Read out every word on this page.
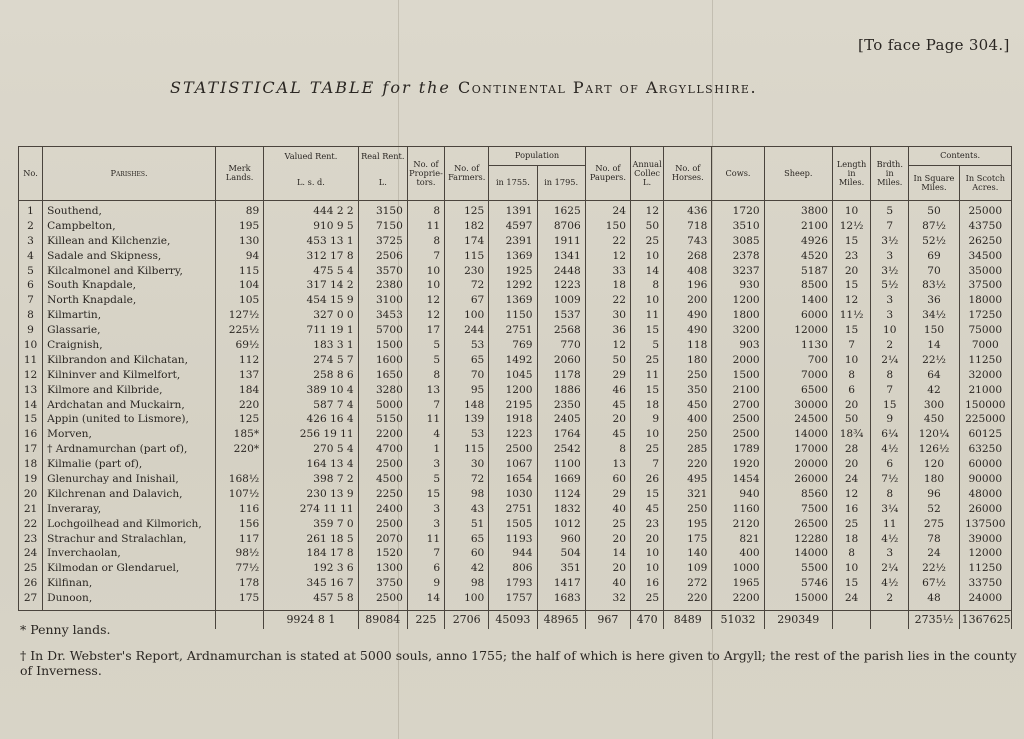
[To face Page 304.]
STATISTICAL TABLE for the Continental Part of Argyllshire.
No.	Parishes.	Merk Lands.	Valued Rent.	Real Rent.	No. of Proprie-tors.	No. of Farmers.	Population		No. of Paupers.	Annual Collec L.	No. of Horses.	Cows.	Sheep.	Length in Miles.	Brdth. in Miles.	Contents.	
			L. s. d.	L.			in 1755.	in 1795.								In Square Miles.	In Scotch Acres.
1	Southend,	89	444 2 2	3150	8	125	1391	1625	24	12	436	1720	3800	10	5	50	25000
2	Campbelton,	195	910 9 5	7150	11	182	4597	8706	150	50	718	3510	2100	12½	7	87½	43750
3	Killean and Kilchenzie,	130	453 13 1	3725	8	174	2391	1911	22	25	743	3085	4926	15	3½	52½	26250
4	Sadale and Skipness,	94	312 17 8	2506	7	115	1369	1341	12	10	268	2378	4520	23	3	69	34500
5	Kilcalmonel and Kilberry,	115	475 5 4	3570	10	230	1925	2448	33	14	408	3237	5187	20	3½	70	35000
6	South Knapdale,	104	317 14 2	2380	10	72	1292	1223	18	8	196	930	8500	15	5½	83½	37500
7	North Knapdale,	105	454 15 9	3100	12	67	1369	1009	22	10	200	1200	1400	12	3	36	18000
8	Kilmartin,	127½	327 0 0	3453	12	100	1150	1537	30	11	490	1800	6000	11½	3	34½	17250
9	Glassarie,	225½	711 19 1	5700	17	244	2751	2568	36	15	490	3200	12000	15	10	150	75000
10	Craignish,	69½	183 3 1	1500	5	53	769	770	12	5	118	903	1130	7	2	14	7000
11	Kilbrandon and Kilchatan,	112	274 5 7	1600	5	65	1492	2060	50	25	180	2000	700	10	2¼	22½	11250
12	Kilninver and Kilmelfort,	137	258 8 6	1650	8	70	1045	1178	29	11	250	1500	7000	8	8	64	32000
13	Kilmore and Kilbride,	184	389 10 4	3280	13	95	1200	1886	46	15	350	2100	6500	6	7	42	21000
14	Ardchatan and Muckairn,	220	587 7 4	5000	7	148	2195	2350	45	18	450	2700	30000	20	15	300	150000
15	Appin (united to Lismore),	125	426 16 4	5150	11	139	1918	2405	20	9	400	2500	24500	50	9	450	225000
16	Morven,	185*	256 19 11	2200	4	53	1223	1764	45	10	250	2500	14000	18¾	6¼	120¼	60125
17	† Ardnamurchan (part of),	220*	270 5 4	4700	1	115	2500	2542	8	25	285	1789	17000	28	4½	126½	63250
18	Kilmalie (part of),		164 13 4	2500	3	30	1067	1100	13	7	220	1920	20000	20	6	120	60000
19	Glenurchay and Inishail,	168½	398 7 2	4500	5	72	1654	1669	60	26	495	1454	26000	24	7½	180	90000
20	Kilchrenan and Dalavich,	107½	230 13 9	2250	15	98	1030	1124	29	15	321	940	8560	12	8	96	48000
21	Inveraray,	116	274 11 11	2400	3	43	2751	1832	40	45	250	1160	7500	16	3¼	52	26000
22	Lochgoilhead and Kilmorich,	156	359 7 0	2500	3	51	1505	1012	25	23	195	2120	26500	25	11	275	137500
23	Strachur and Stralachlan,	117	261 18 5	2070	11	65	1193	960	20	20	175	821	12280	18	4½	78	39000
24	Inverchaolan,	98½	184 17 8	1520	7	60	944	504	14	10	140	400	14000	8	3	24	12000
25	Kilmodan or Glendaruel,	77½	192 3 6	1300	6	42	806	351	20	10	109	1000	5500	10	2¼	22½	11250
26	Kilfinan,	178	345 16 7	3750	9	98	1793	1417	40	16	272	1965	5746	15	4½	67½	33750
27	Dunoon,	175	457 5 8	2500	14	100	1757	1683	32	25	220	2200	15000	24	2	48	24000
			9924 8 1	89084	225	2706	45093	48965	967	470	8489	51032	290349			2735½	1367625
* Penny lands.
† In Dr. Webster's Report, Ardnamurchan is stated at 5000 souls, anno 1755; the half of which is here given to Argyll; the rest of the parish lies in the county of Inverness.
